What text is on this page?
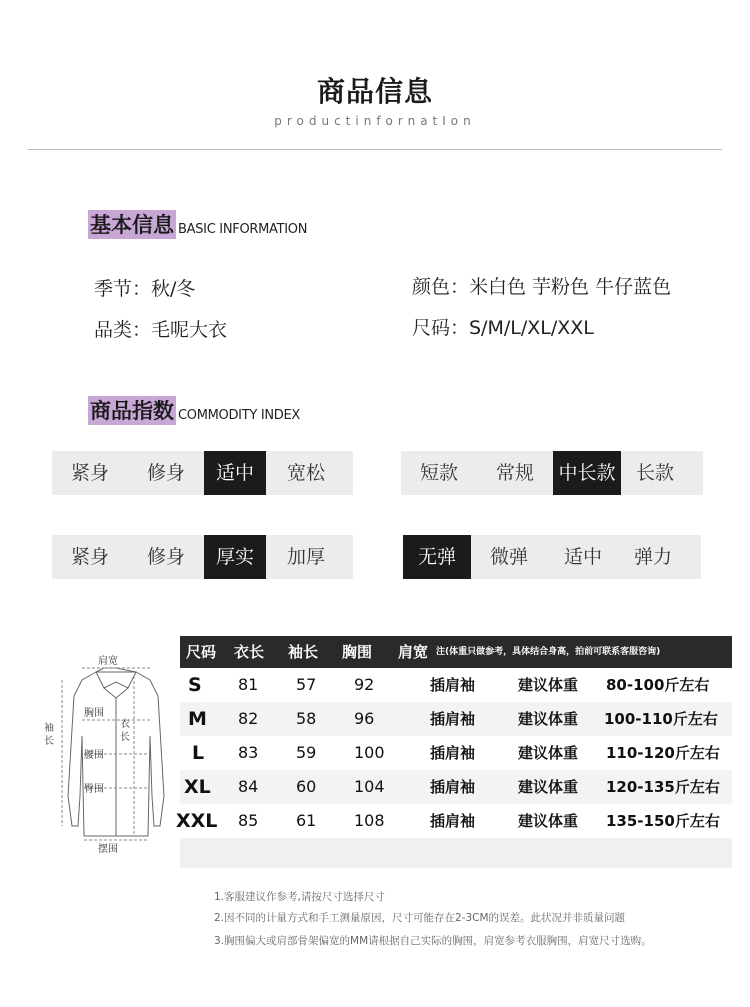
商品信息
productinfornatIon
基本信息 BASIC INFORMATION
季节：秋/冬
品类：毛呢大衣
颜色：米白色 芋粉色 牛仔蓝色
尺码：S/M/L/XL/XXL
商品指数 COMMODITY INDEX
紧身	修身	适中	宽松	短款	常规	中长款	长款
紧身	修身	厚实	加厚	无弹	微弹	适中	弹力
肩宽
胸围
袖长
衣长
腰围
臀围
摆围
尺码 衣长 袖长 胸围 肩宽 注(体重只做参考，具体结合身高，拍前可联系客服咨询)
S 81 57 92	插肩袖	建议体重 80-100斤左右
M 82 58 96	插肩袖	建议体重 100-110斤左右
L 83 59 100	插肩袖	建议体重 110-120斤左右
XL 84 60 104	插肩袖	建议体重 120-135斤左右
XXL 85 61 108	插肩袖	建议体重 135-150斤左右
1.客服建议作参考,请按尺寸选择尺寸
2.因不同的计量方式和手工测量原因，尺寸可能存在2-3CM的误差。此状况并非质量问题
3.胸围偏大或肩部骨架偏宽的MM请根据自己实际的胸围，肩宽参考衣服胸围，肩宽尺寸选购。
